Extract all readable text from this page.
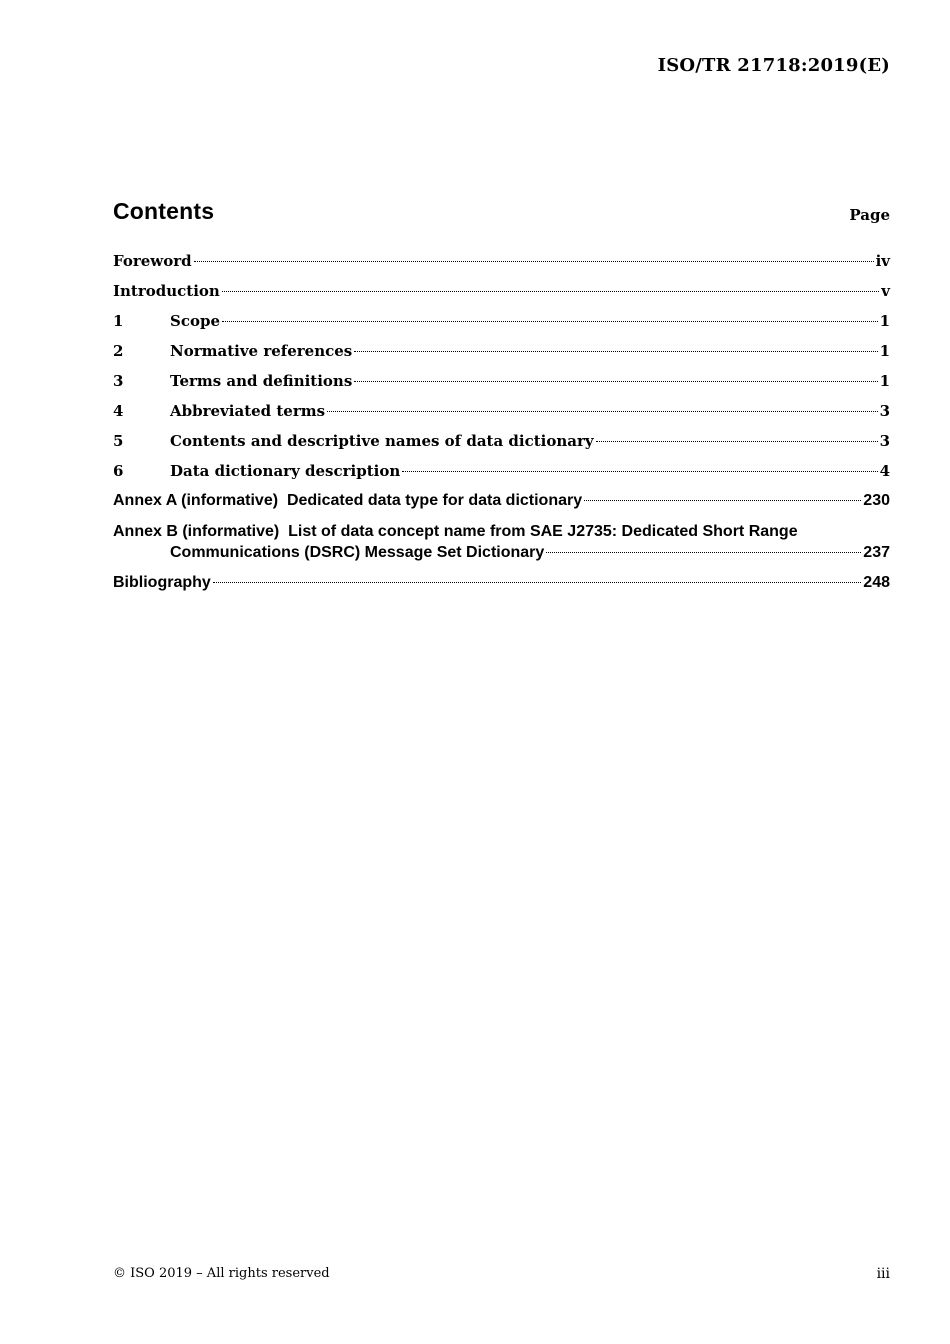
ISO/TR 21718:2019(E)
Contents	Page
Foreword	iv
Introduction	v
1	Scope	1
2	Normative references	1
3	Terms and definitions	1
4	Abbreviated terms	3
5	Contents and descriptive names of data dictionary	3
6	Data dictionary description	4
Annex A (informative)  Dedicated data type for data dictionary	230
Annex B (informative)  List of data concept name from SAE J2735: Dedicated Short Range
Communications (DSRC) Message Set Dictionary	237
Bibliography	248
© ISO 2019 – All rights reserved	iii
